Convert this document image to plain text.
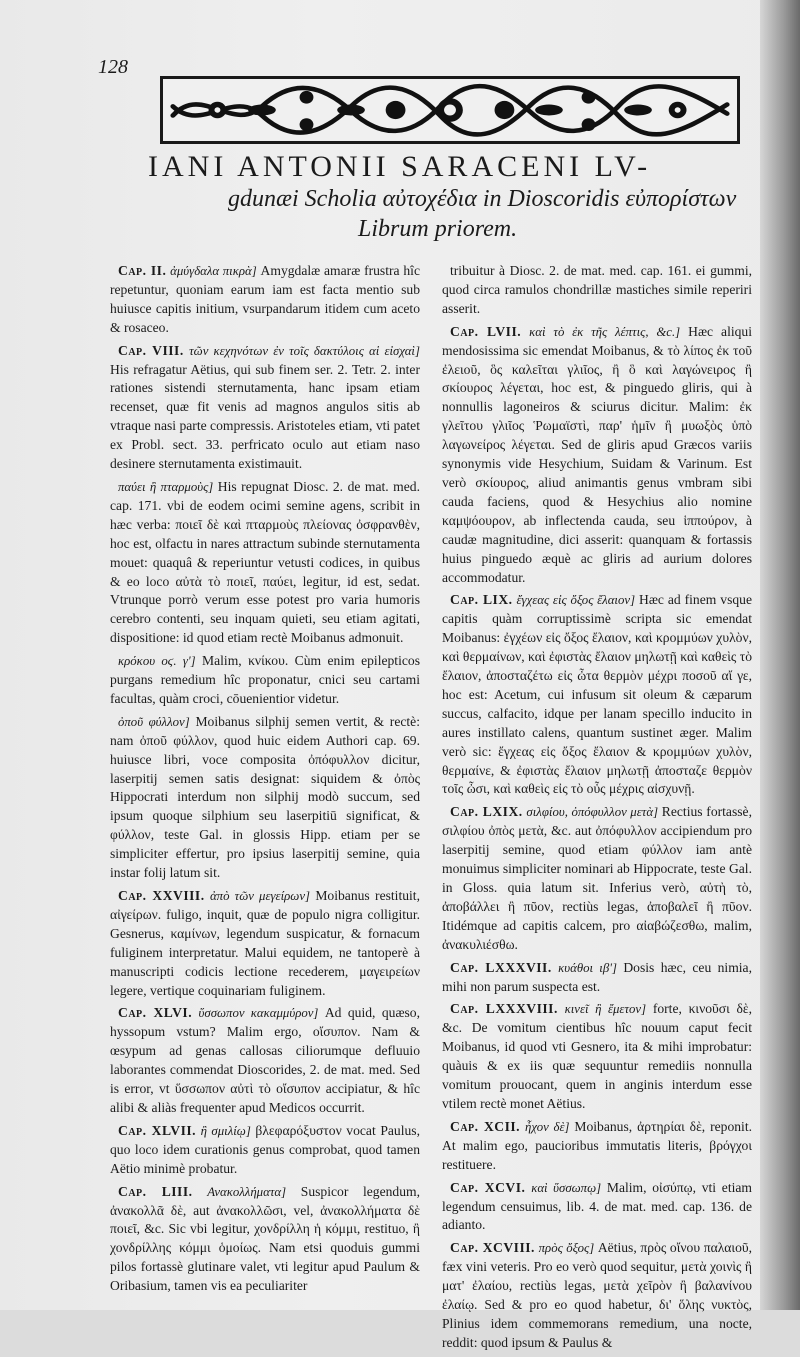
128
IANI ANTONII SARACENI LV-
gdunæi Scholia αὐτοχέδια in Dioscoridis εὐπορίστων
Librum priorem.

Cap. II. ἀμύγδαλα πικρὰ] Amygdalæ amaræ frustra hîc repetuntur, quoniam earum iam est facta mentio sub huiusce capitis initium, vsurpandarum itidem cum aceto & rosaceo.

Cap. VIII. τῶν κεχηνότων ἐν τοῖς δακτύλοις αἱ εἰσχαὶ] His refragatur Aëtius, qui sub finem ser. 2. Tetr. 2. inter rationes sistendi sternutamenta, hanc ipsam etiam recenset, quæ fit venis ad magnos angulos sitis ab vtraque nasi parte compressis. Aristoteles etiam, vti patet ex Probl. sect. 33. perfricato oculo aut etiam naso desinere sternutamenta existimauit.

παύει ἢ πταρμοὺς] His repugnat Diosc. 2. de mat. med. cap. 171. vbi de eodem ocimi semine agens, scribit in hæc verba: ποιεῖ δὲ καὶ πταρμοὺς πλείονας ὀσφρανθὲν, hoc est, olfactu in nares attractum subinde sternutamenta mouet: quaquâ & reperiuntur vetusti codices, in quibus & eo loco αὐτὰ τὸ ποιεῖ, παύει, legitur, id est, sedat. Vtrunque porrò verum esse potest pro varia humoris cerebro contenti, seu inquam quieti, seu etiam agitati, dispositione: id quod etiam rectè Moibanus admonuit.

κρόκου οϛ. γ'] Malim, κνίκου. Cùm enim epilepticos purgans remedium hîc proponatur, cnici seu cartami facultas, quàm croci, cōuenientior videtur.

ὀποῦ φύλλον] Moibanus silphij semen vertit, & rectè: nam ὀποῦ φύλλον, quod huic eidem Authori cap. 69. huiusce libri, voce composita ὀπόφυλλον dicitur, laserpitij semen satis designat: siquidem & ὀπὸς Hippocrati interdum non silphij modò succum, sed ipsum quoque silphium seu laserpitiū significat, & φύλλον, teste Gal. in glossis Hipp. etiam per se simpliciter effertur, pro ipsius laserpitij semine, quia instar folij latum sit.

Cap. XXVIII. ἀπὸ τῶν μεγείρων] Moibanus restituit, αἰγείρων. fuligo, inquit, quæ de populo nigra colligitur. Gesnerus, καμίνων, legendum suspicatur, & fornacum fuliginem interpretatur. Malui equidem, ne tantoperè à manuscripti codicis lectione recederem, μαγειρείων legere, vertique coquinariam fuliginem.

Cap. XLVI. ὕσσωπον κακαμμύρον] Ad quid, quæso, hyssopum vstum? Malim ergo, οἴσυπον. Nam & œsypum ad genas callosas ciliorumque defluuio laborantes commendat Dioscorides, 2. de mat. med. Sed is error, vt ὕσσωπον αὐτὶ τὸ οἴσυπον accipiatur, & hîc alibi & aliàs frequenter apud Medicos occurrit.

Cap. XLVII. ἢ σμιλίῳ] βλεφαρόξυστον vocat Paulus, quo loco idem curationis genus comprobat, quod tamen Aëtio minimè probatur.

Cap. LIII. Ανακολλήματα] Suspicor legendum, ἀνακολλᾶ δὲ, aut ἀνακολλῶσι, vel, ἀνακολλήματα δὲ ποιεῖ, &c. Sic vbi legitur, χονδρίλλη ἡ κόμμι, restituo, ἢ χονδρίλλης κόμμι ὁμοίως. Nam etsi quoduis gummi pilos fortassè glutinare valet, vti legitur apud Paulum & Oribasium, tamen vis ea peculiariter

tribuitur à Diosc. 2. de mat. med. cap. 161. ei gummi, quod circa ramulos chondrillæ mastiches simile reperiri asserit.

Cap. LVII. καὶ τὸ ἐκ τῆς λέπτις, &c.] Hæc aliqui mendosissima sic emendat Moibanus, & τὸ λίπος ἐκ τοῦ ἐλειοῦ, ὃς καλεῖται γλιῖος, ἢ ὃ καὶ λαγώνειρος ἢ σκίουρος λέγεται, hoc est, & pinguedo gliris, qui à nonnullis lagoneiros & sciurus dicitur. Malim: ἐκ γλεῖτου γλιῖος Ῥωμαϊστὶ, παρ' ἡμῖν ἢ μυωξὸς ὑπὸ λαγωνείρος λέγεται. Sed de gliris apud Græcos variis synonymis vide Hesychium, Suidam & Varinum. Est verò σκίουρος, aliud animantis genus vmbram sibi cauda faciens, quod & Hesychius alio nomine καμψόουρον, ab inflectenda cauda, seu ἱππούρον, à caudæ magnitudine, dici asserit: quanquam & fortassis huius pinguedo æquè ac gliris ad aurium dolores accommodatur.

Cap. LIX. ἔγχεας εἰς ὄξος ἔλαιον] Hæc ad finem vsque capitis quàm corruptissimè scripta sic emendat Moibanus: ἐγχέων εἰς ὄξος ἔλαιον, καὶ κρομμύων χυλὸν, καὶ θερμαίνων, καὶ ἐφιστὰς ἔλαιον μηλωτῇ καὶ καθεὶς τὸ ἔλαιον, ἀποσταζέτω εἰς ὦτα θερμὸν μέχρι ποσοῦ αἴ γε, hoc est: Acetum, cui infusum sit oleum & cæparum succus, calfacito, idque per lanam specillo inducito in aures instillato calens, quantum sustinet æger. Malim verò sic: ἔγχεας εἰς ὄξος ἔλαιον & κρομμύων χυλὸν, θερμαίνε, & ἐφιστὰς ἔλαιον μηλωτῇ ἀποσταζε θερμὸν τοῖς ὦσι, καὶ καθεὶς εἰς τὸ οὖς μέχρις αἰσχυνῇ.

Cap. LXIX. σιλφίου, ὀπόφυλλον μετὰ] Rectius fortassè, σιλφίου ὀπὸς μετὰ, &c. aut ὀπόφυλλον accipiendum pro laserpitij semine, quod etiam φύλλον iam antè monuimus simpliciter nominari ab Hippocrate, teste Gal. in Gloss. quia latum sit. Inferius verò, αὐτὴ τὸ, ἀποβάλλει ἢ πῦον, rectiùs legas, ἀποβαλεῖ ἢ πῦον. Itidémque ad capitis calcem, pro αἰαβώζεσθω, malim, ἀνακυλιέσθω.

Cap. LXXXVII. κυάθοι ιβ'] Dosis hæc, ceu nimia, mihi non parum suspecta est.

Cap. LXXXVIII. κινεῖ ἢ ἔμετον] forte, κινοῦσι δὲ, &c. De vomitum cientibus hîc nouum caput fecit Moibanus, id quod vti Gesnero, ita & mihi improbatur: quàuis & ex iis quæ sequuntur remediis nonnulla vomitum prouocant, quem in anginis interdum esse vtilem rectè monet Aëtius.

Cap. XCII. ἦχον δὲ] Moibanus, ἀρτηρίαι δὲ, reponit. At malim ego, paucioribus immutatis literis, βρόγχοι restituere.

Cap. XCVI. καὶ ὕσσωπῳ] Malim, οἰσύπῳ, vti etiam legendum censuimus, lib. 4. de mat. med. cap. 136. de adianto.

Cap. XCVIII. πρὸς ὄξος] Aëtius, πρὸς οἴνου παλαιοῦ, fæx vini veteris. Pro eo verò quod sequitur, μετὰ χοινὶς ἢ ματ' ἐλαίου, rectiùs legas, μετὰ χεῖρὸν ἢ βαλανίνου ἐλαίῳ. Sed & pro eo quod habetur, δι' ὅλης νυκτὸς, Plinius idem commemorans remedium, una nocte, reddit: quod ipsum & Paulus &
